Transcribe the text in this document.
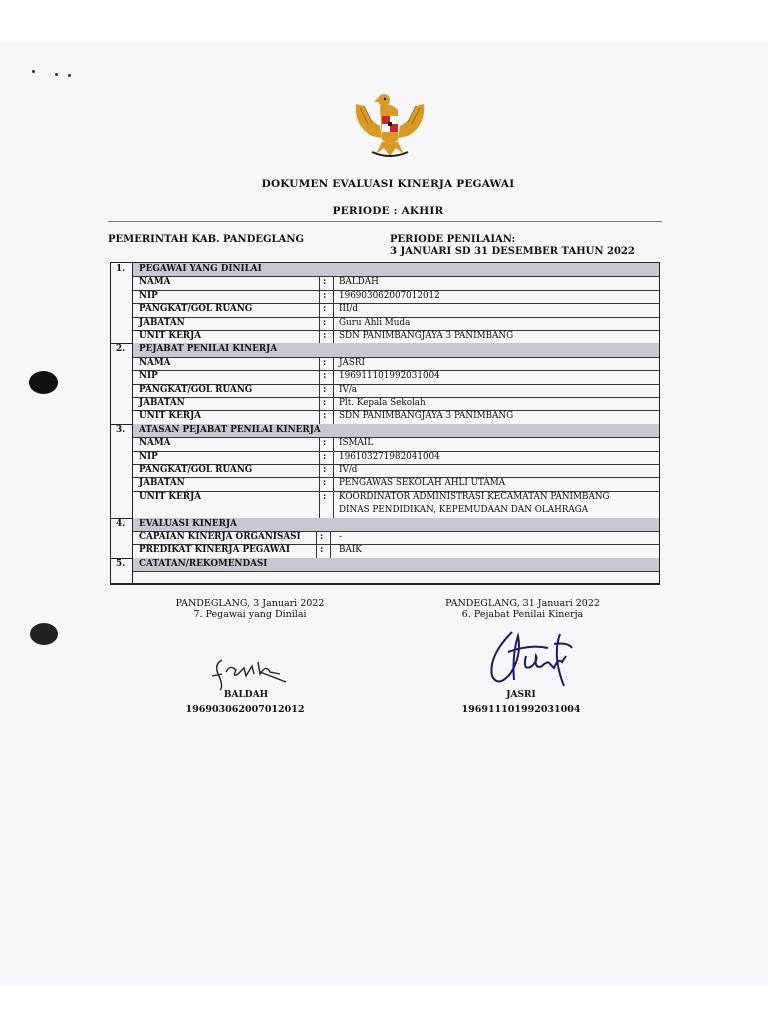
DOKUMEN EVALUASI KINERJA PEGAWAI
PERIODE : AKHIR
PEMERINTAH KAB. PANDEGLANG	PERIODE PENILAIAN:
3 JANUARI SD 31 DESEMBER TAHUN 2022
1. PEGAWAI YANG DINILAI
NAMA	: BALDAH
NIP	: 196903062007012012
PANGKAT/GOL RUANG	: III/d
JABATAN	: Guru Ahli Muda
UNIT KERJA	: SDN PANIMBANGJAYA 3 PANIMBANG
2. PEJABAT PENILAI KINERJA
NAMA	: JASRI
NIP	: 196911101992031004
PANGKAT/GOL RUANG	: IV/a
JABATAN	: Plt. Kepala Sekolah
UNIT KERJA	: SDN PANIMBANGJAYA 3 PANIMBANG
3. ATASAN PEJABAT PENILAI KINERJA
NAMA	: ISMAIL
NIP	: 196103271982041004
PANGKAT/GOL RUANG	: IV/d
JABATAN	: PENGAWAS SEKOLAH AHLI UTAMA
UNIT KERJA	: KOORDINATOR ADMINISTRASI KECAMATAN PANIMBANG
DINAS PENDIDIKAN, KEPEMUDAAN DAN OLAHRAGA
4. EVALUASI KINERJA
CAPAIAN KINERJA ORGANISASI : -
PREDIKAT KINERJA PEGAWAI	: BAIK
5. CATATAN/REKOMENDASI
PANDEGLANG, 3 Januari 2022
7. Pegawai yang Dinilai
BALDAH
196903062007012012
PANDEGLANG, 31 Januari 2022
6. Pejabat Penilai Kinerja
JASRI
196911101992031004
